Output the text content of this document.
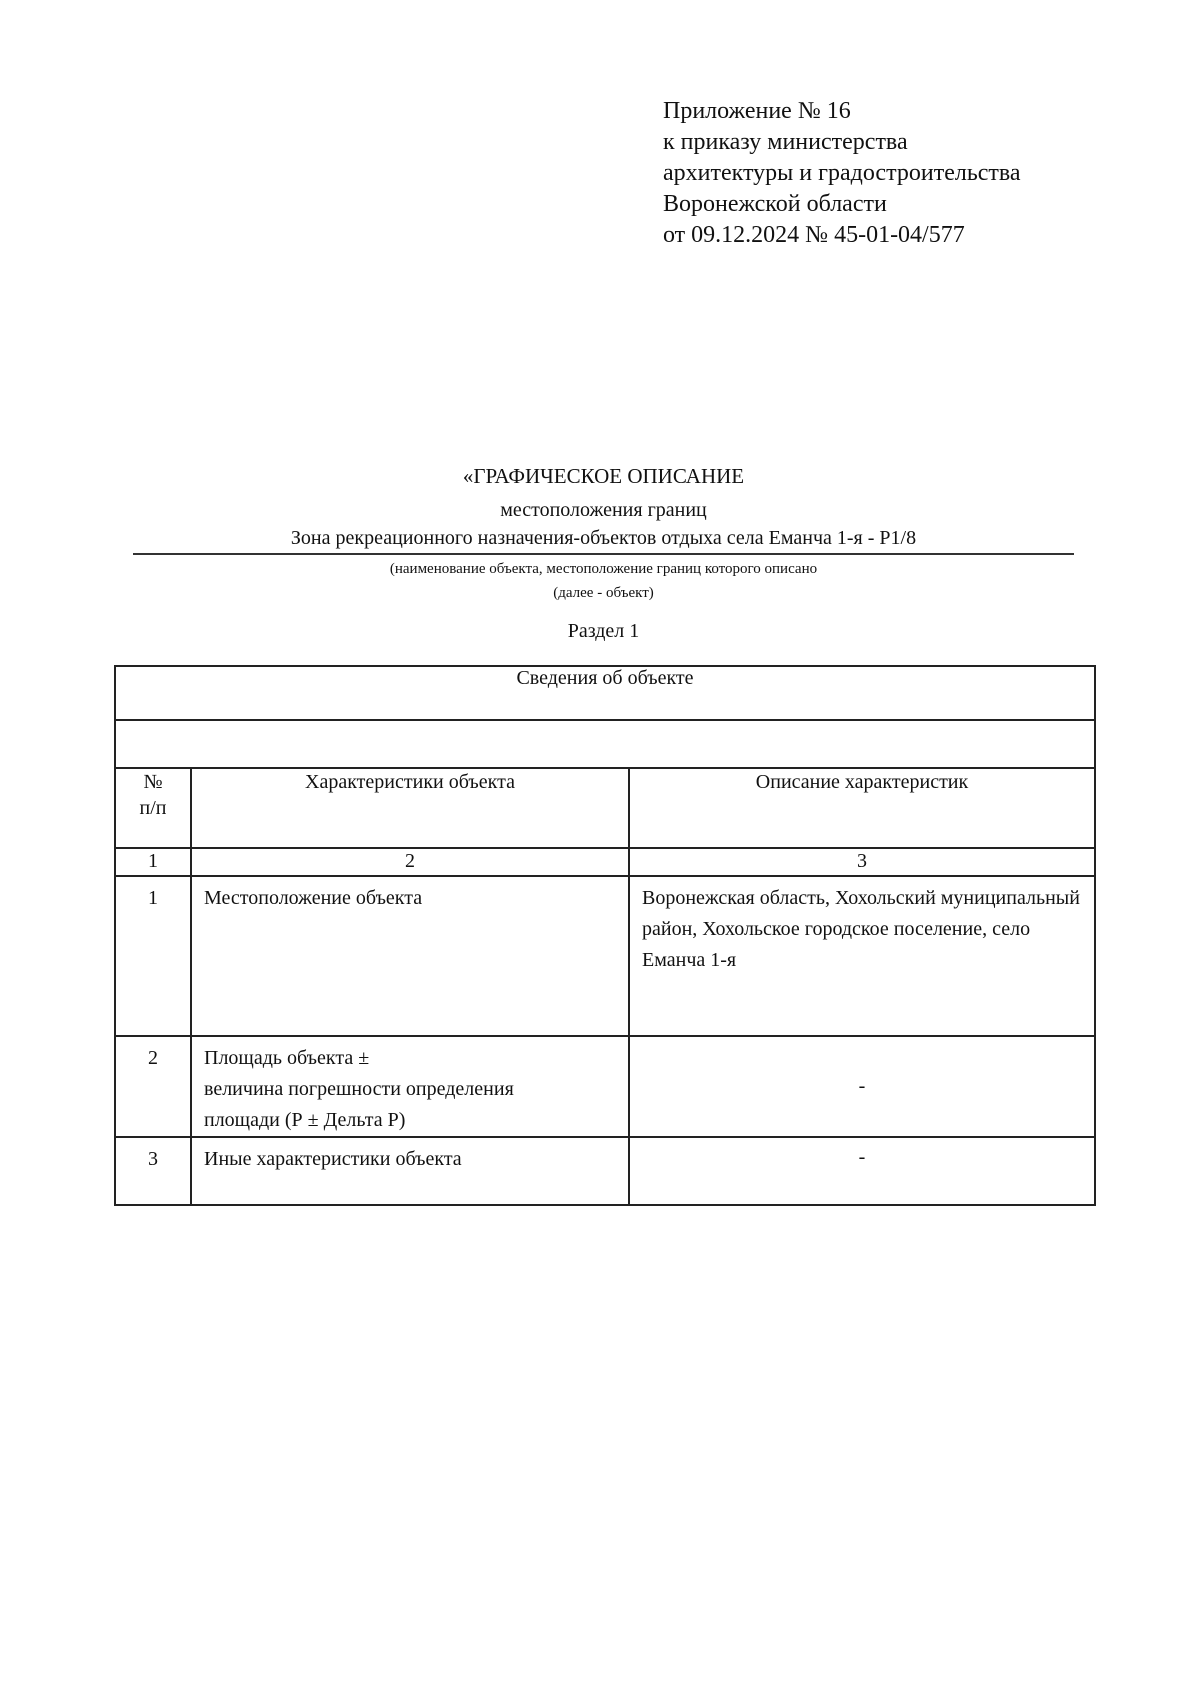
Приложение № 16
к приказу министерства
архитектуры и градостроительства
Воронежской области
от 09.12.2024 № 45-01-04/577
«ГРАФИЧЕСКОЕ ОПИСАНИЕ
местоположения границ
Зона рекреационного назначения-объектов отдыха села Еманча 1-я - Р1/8
(наименование объекта, местоположение границ которого описано
(далее - объект)
Раздел 1
Сведения об объекте		

№
п/п	Характеристики объекта	Описание характеристик
1	2	3

1	Местоположение объекта	Воронежская область, Хохольский муниципальный район, Хохольское городское поселение, село Еманча 1-я

2	Площадь объекта ±
величина погрешности определения
площади (Р ± Дельта Р)	-

3	Иные характеристики объекта	-
